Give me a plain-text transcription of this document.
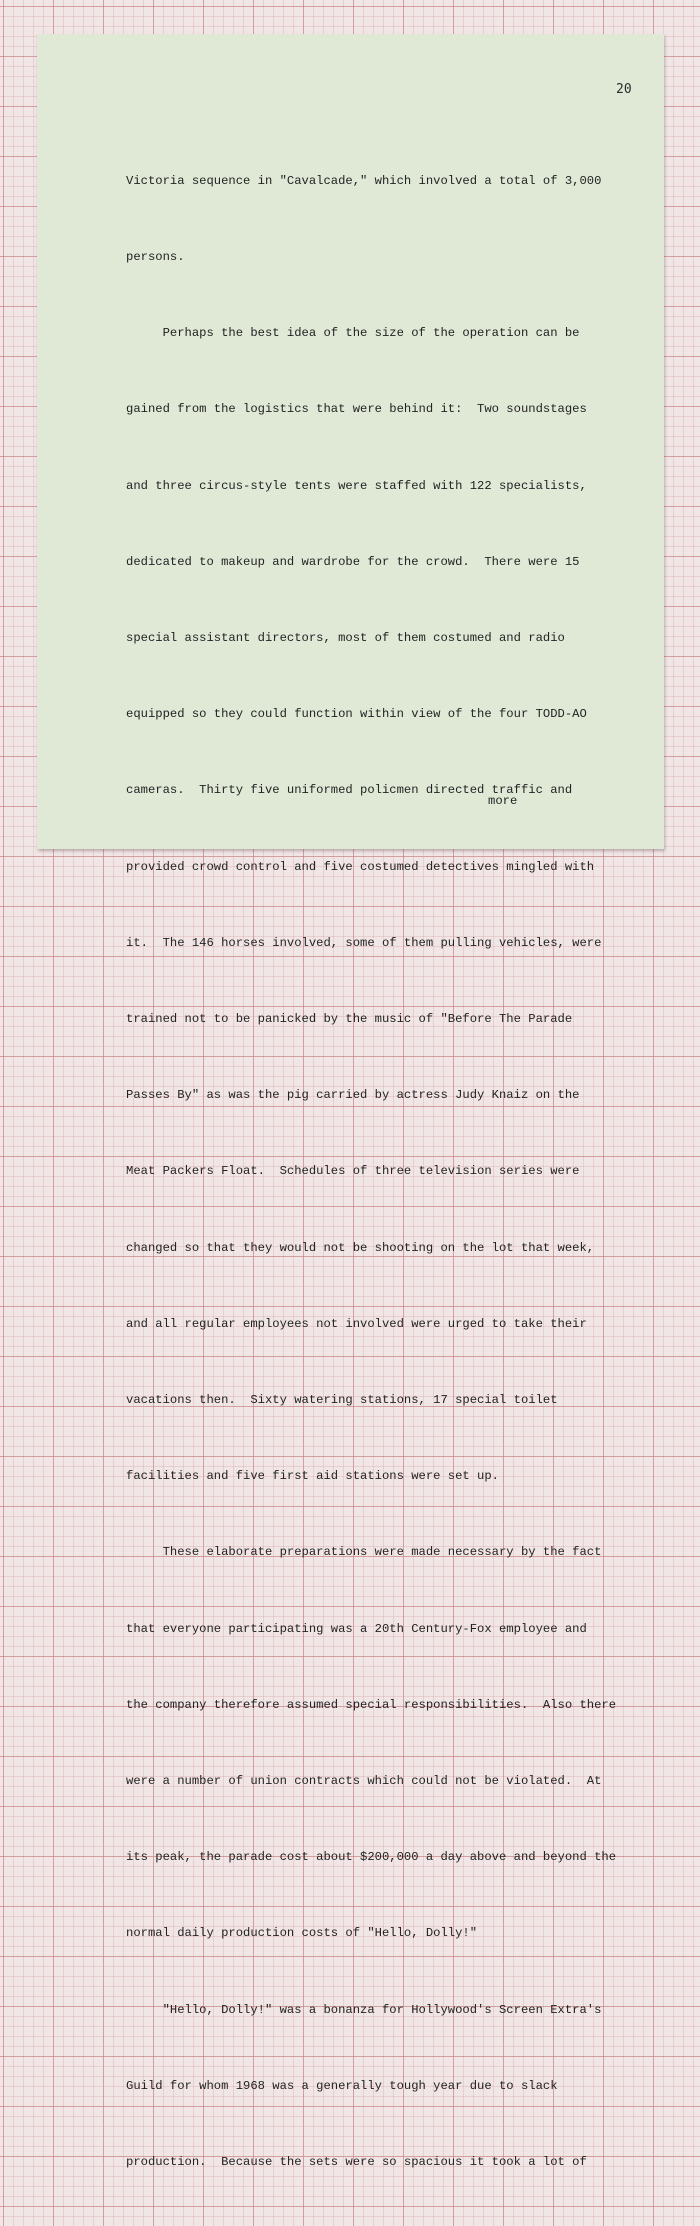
20

Victoria sequence in "Cavalcade," which involved a total of 3,000

persons.

Perhaps the best idea of the size of the operation can be

gained from the logistics that were behind it:  Two soundstages

and three circus-style tents were staffed with 122 specialists,

dedicated to makeup and wardrobe for the crowd.  There were 15

special assistant directors, most of them costumed and radio

equipped so they could function within view of the four TODD-AO

cameras.  Thirty five uniformed policmen directed traffic and

provided crowd control and five costumed detectives mingled with

it.  The 146 horses involved, some of them pulling vehicles, were

trained not to be panicked by the music of "Before The Parade

Passes By" as was the pig carried by actress Judy Knaiz on the

Meat Packers Float.  Schedules of three television series were

changed so that they would not be shooting on the lot that week,

and all regular employees not involved were urged to take their

vacations then.  Sixty watering stations, 17 special toilet

facilities and five first aid stations were set up.

These elaborate preparations were made necessary by the fact

that everyone participating was a 20th Century-Fox employee and

the company therefore assumed special responsibilities.  Also there

were a number of union contracts which could not be violated.  At

its peak, the parade cost about $200,000 a day above and beyond the

normal daily production costs of "Hello, Dolly!"

"Hello, Dolly!" was a bonanza for Hollywood's Screen Extra's

Guild for whom 1968 was a generally tough year due to slack

production.  Because the sets were so spacious it took a lot of

more
